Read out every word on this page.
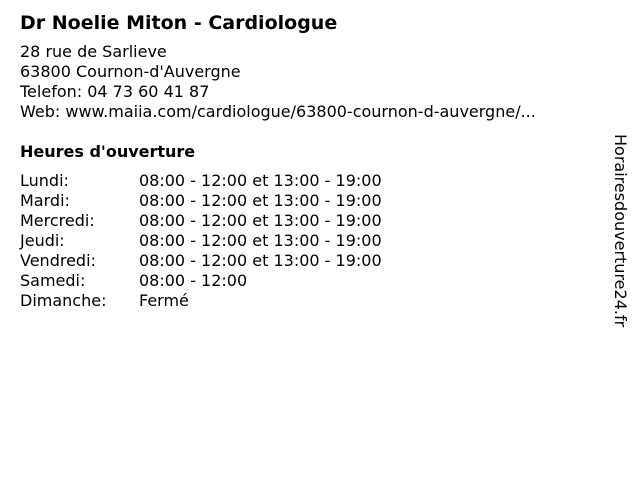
Dr Noelie Miton - Cardiologue
28 rue de Sarlieve
63800 Cournon-d'Auvergne
Telefon: 04 73 60 41 87
Web: www.maiia.com/cardiologue/63800-cournon-d-auvergne/...
Heures d'ouverture
Lundi:	08:00 - 12:00 et 13:00 - 19:00
Mardi:	08:00 - 12:00 et 13:00 - 19:00
Mercredi:	08:00 - 12:00 et 13:00 - 19:00
Jeudi:	08:00 - 12:00 et 13:00 - 19:00
Vendredi:	08:00 - 12:00 et 13:00 - 19:00
Samedi:	08:00 - 12:00
Dimanche:	Fermé	Horairesdouverture24.fr
